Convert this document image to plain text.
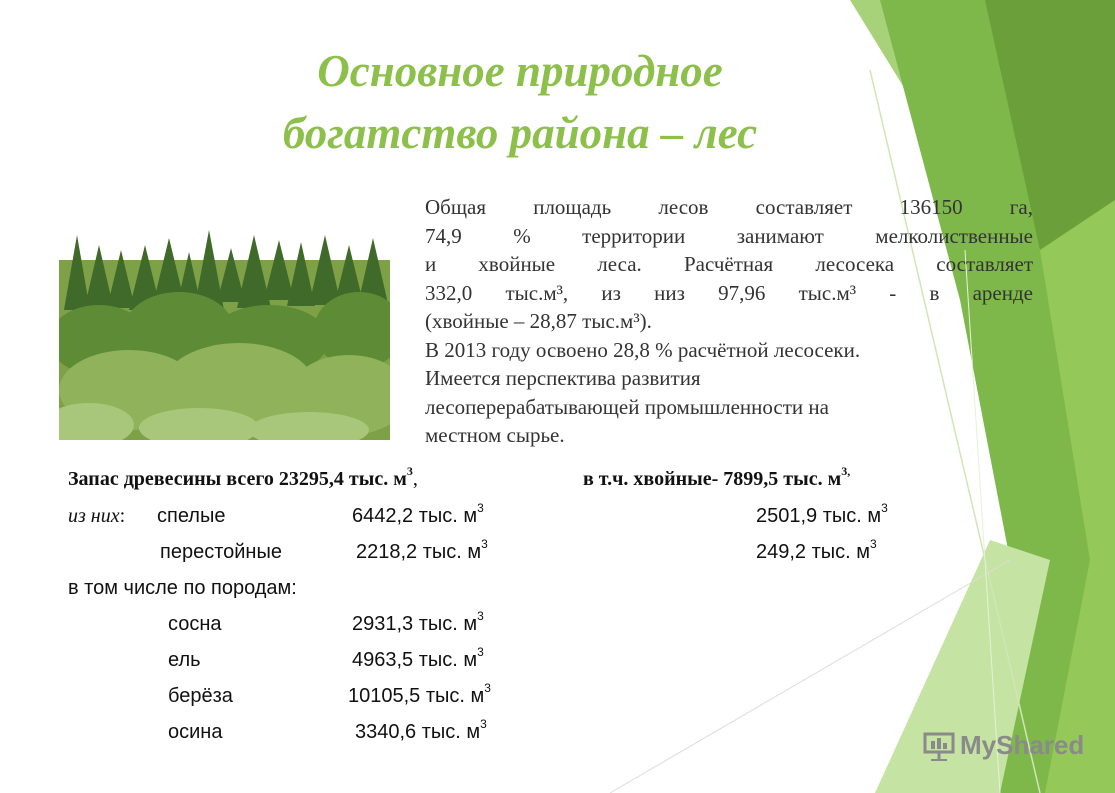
Основное природное
богатство района – лес
Общая площадь лесов составляет 136150 га,
74,9 % территории занимают мелколиственные
и хвойные леса. Расчётная лесосека составляет
332,0 тыс.м³, из низ 97,96 тыс.м³ - в аренде
(хвойные – 28,87 тыс.м³).
В 2013 году освоено 28,8 % расчётной лесосеки.
Имеется перспектива развития
лесоперерабатывающей промышленности на
местном сырье.
Запас древесины всего 23295,4 тыс. $м^3$,	в т.ч. хвойные- 7899,5 тыс. $м^{3,}$
из них: спелые	6442,2 тыс. $м^3$	2501,9 тыс. $м^3$
перестойные	2218,2 тыс. $м^3$	249,2 тыс. $м^3$
в том числе по породам:
сосна	2931,3 тыс. $м^3$
ель	4963,5 тыс. $м^3$
берёза	10105,5 тыс. $м^3$
осина	3340,6 тыс. $м^3$
MyShared
